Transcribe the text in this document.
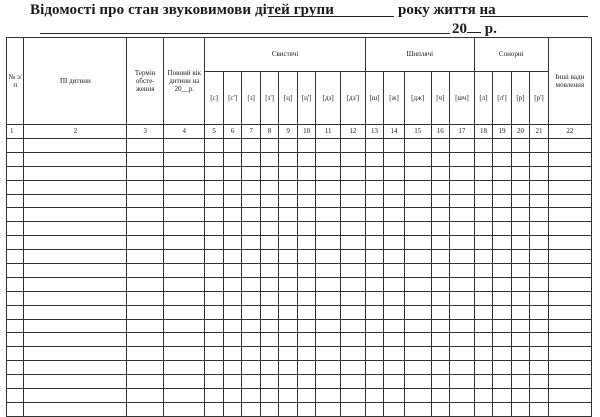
Відомості про стан звуковимови дітей групи	року життя на
20 р.
№ з/п	ПІ дитини	Термін обсте-ження	Повний вік дитини на 20__р.	Свистячі								Шиплячі					Сонорні				Інші вади мовлення
				[с]	[с']	[з]	[з']	[ц]	[ц']	[дз]	[дз']	[ш]	[ж]	[дж]	[ч]	[шч]	[л]	[л']	[р]	[р']	
1	2	3	4	5	6	7	8	9	10	11	12	13	14	15	16	17	18	19	20	21	22
